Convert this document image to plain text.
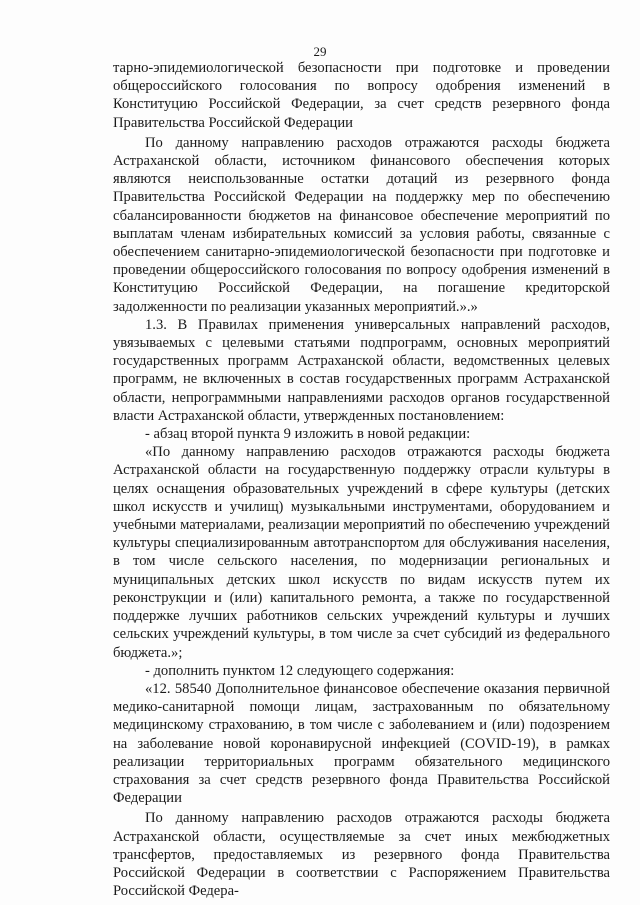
29

тарно-эпидемиологической безопасности при подготовке и проведении общероссийского голосования по вопросу одобрения изменений в Конституцию Российской Федерации, за счет средств резервного фонда Правительства Российской Федерации

По данному направлению расходов отражаются расходы бюджета Астраханской области, источником финансового обеспечения которых являются неиспользованные остатки дотаций из резервного фонда Правительства Российской Федерации на поддержку мер по обеспечению сбалансированности бюджетов на финансовое обеспечение мероприятий по выплатам членам избирательных комиссий за условия работы, связанные с обеспечением санитарно-эпидемиологической безопасности при подготовке и проведении общероссийского голосования по вопросу одобрения изменений в Конституцию Российской Федерации, на погашение кредиторской задолженности по реализации указанных мероприятий.».»

1.3. В Правилах применения универсальных направлений расходов, увязываемых с целевыми статьями подпрограмм, основных мероприятий государственных программ Астраханской области, ведомственных целевых программ, не включенных в состав государственных программ Астраханской области, непрограммными направлениями расходов органов государственной власти Астраханской области, утвержденных постановлением:

- абзац второй пункта 9 изложить в новой редакции:

«По данному направлению расходов отражаются расходы бюджета Астраханской области на государственную поддержку отрасли культуры в целях оснащения образовательных учреждений в сфере культуры (детских школ искусств и училищ) музыкальными инструментами, оборудованием и учебными материалами, реализации мероприятий по обеспечению учреждений культуры специализированным автотранспортом для обслуживания населения, в том числе сельского населения, по модернизации региональных и муниципальных детских школ искусств по видам искусств путем их реконструкции и (или) капитального ремонта, а также по государственной поддержке лучших работников сельских учреждений культуры и лучших сельских учреждений культуры, в том числе за счет субсидий из федерального бюджета.»;

- дополнить пунктом 12 следующего содержания:

«12. 58540 Дополнительное финансовое обеспечение оказания первичной медико-санитарной помощи лицам, застрахованным по обязательному медицинскому страхованию, в том числе с заболеванием и (или) подозрением на заболевание новой коронавирусной инфекцией (COVID-19), в рамках реализации территориальных программ обязательного медицинского страхования за счет средств резервного фонда Правительства Российской Федерации

По данному направлению расходов отражаются расходы бюджета Астраханской области, осуществляемые за счет иных межбюджетных трансфертов, предоставляемых из резервного фонда Правительства Российской Федерации в соответствии с Распоряжением Правительства Российской Федера-
